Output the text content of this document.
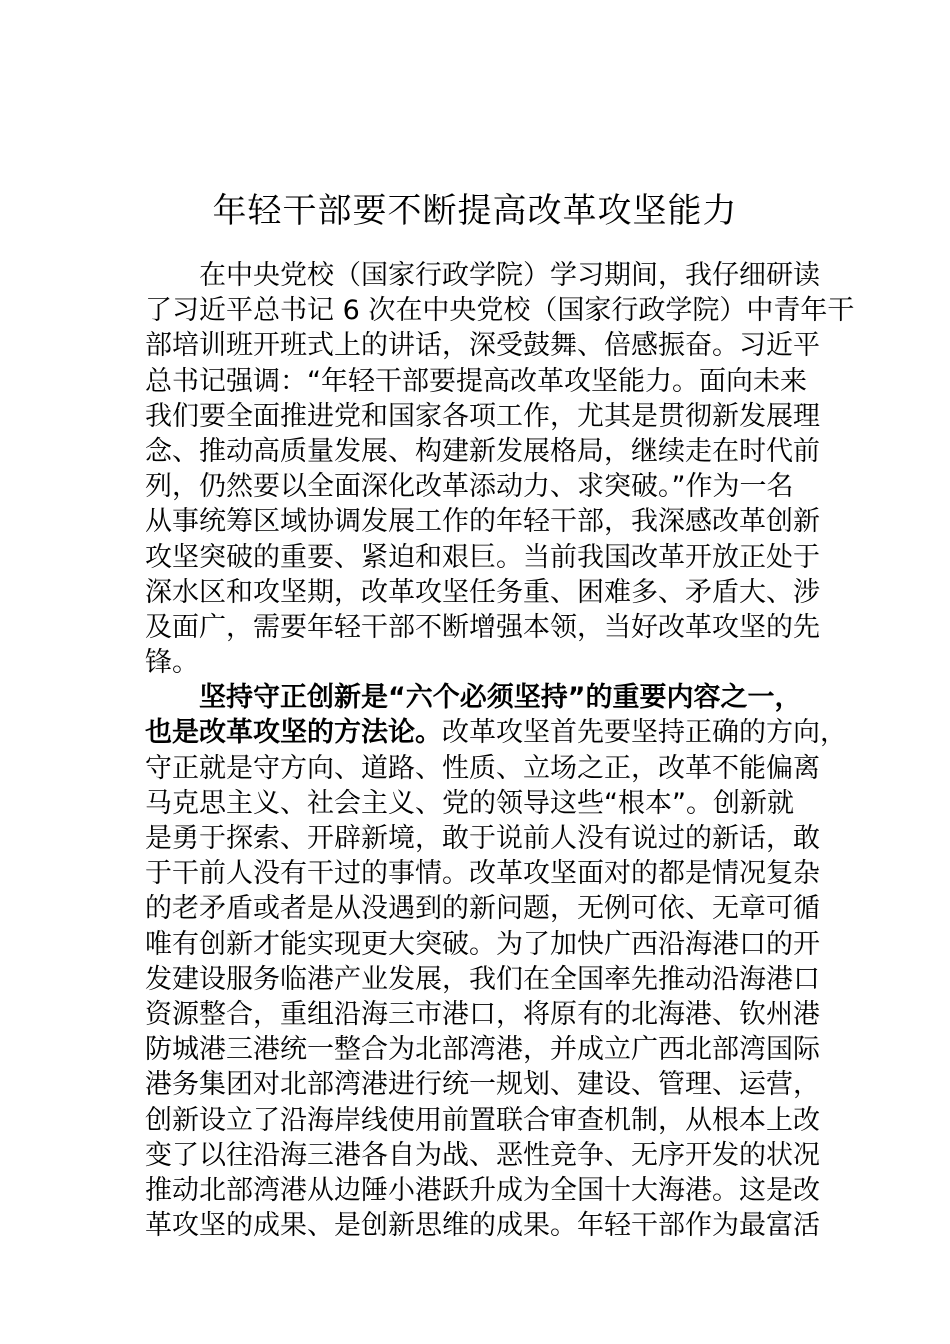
年轻干部要不断提高改革攻坚能力
在中央党校（国家行政学院）学习期间，我仔细研读
了习近平总书记 6 次在中央党校（国家行政学院）中青年干
部培训班开班式上的讲话，深受鼓舞、倍感振奋。习近平
总书记强调：“年轻干部要提高改革攻坚能力。面向未来
我们要全面推进党和国家各项工作，尤其是贯彻新发展理
念、推动高质量发展、构建新发展格局，继续走在时代前
列，仍然要以全面深化改革添动力、求突破。”作为一名
从事统筹区域协调发展工作的年轻干部，我深感改革创新
攻坚突破的重要、紧迫和艰巨。当前我国改革开放正处于
深水区和攻坚期，改革攻坚任务重、困难多、矛盾大、涉
及面广，需要年轻干部不断增强本领，当好改革攻坚的先
锋。
坚持守正创新是“六个必须坚持”的重要内容之一，
也是改革攻坚的方法论。改革攻坚首先要坚持正确的方向，
守正就是守方向、道路、性质、立场之正，改革不能偏离
马克思主义、社会主义、党的领导这些“根本”。创新就
是勇于探索、开辟新境，敢于说前人没有说过的新话，敢
于干前人没有干过的事情。改革攻坚面对的都是情况复杂
的老矛盾或者是从没遇到的新问题，无例可依、无章可循
唯有创新才能实现更大突破。为了加快广西沿海港口的开
发建设服务临港产业发展，我们在全国率先推动沿海港口
资源整合，重组沿海三市港口，将原有的北海港、钦州港
防城港三港统一整合为北部湾港，并成立广西北部湾国际
港务集团对北部湾港进行统一规划、建设、管理、运营，
创新设立了沿海岸线使用前置联合审查机制，从根本上改
变了以往沿海三港各自为战、恶性竞争、无序开发的状况
推动北部湾港从边陲小港跃升成为全国十大海港。这是改
革攻坚的成果、是创新思维的成果。年轻干部作为最富活
